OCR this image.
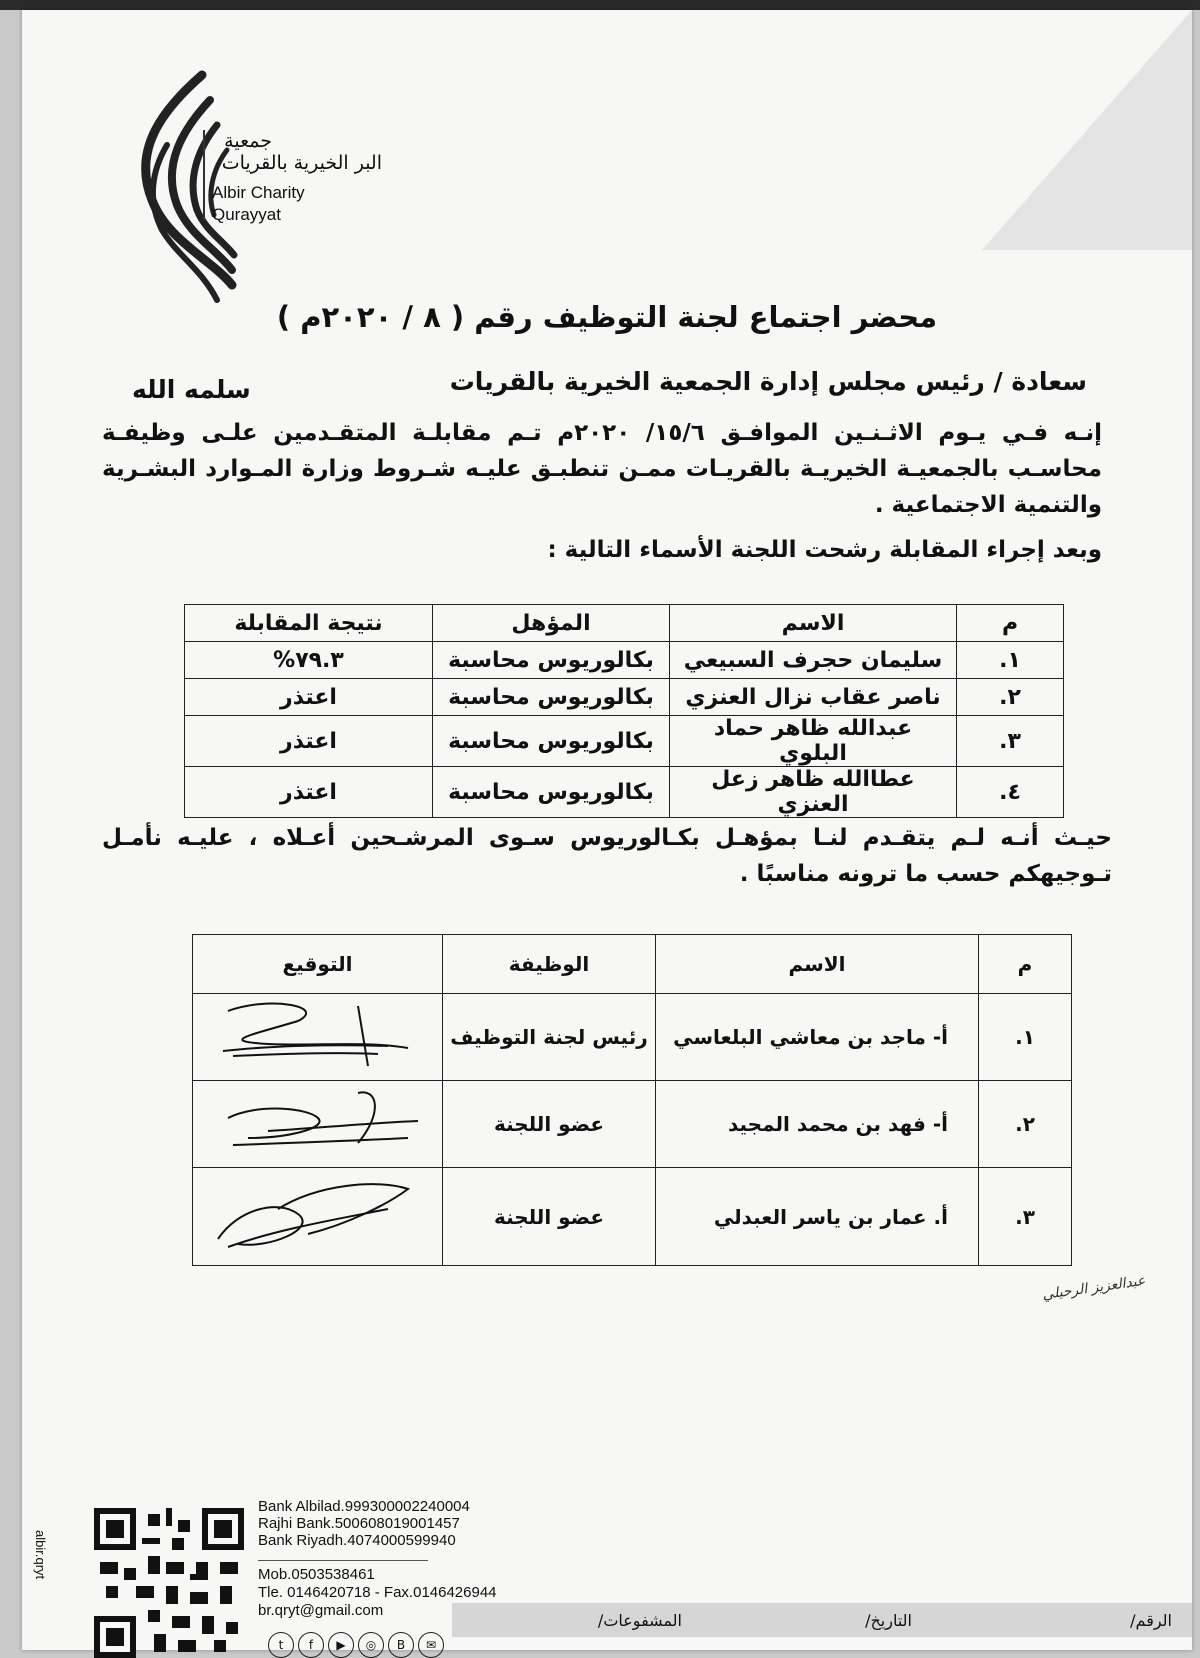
جمعية
البر الخيرية بالقريات
Albir Charity
Qurayyat
محضر اجتماع لجنة التوظيف رقم ( ٨ / ٢٠٢٠م )
سعادة / رئيس مجلس إدارة الجمعية الخيرية بالقريات
سلمه الله
إنـه فـي يـوم الاثـنـين الموافـق ١٥/٦/ ٢٠٢٠م تـم مقابلـة المتقـدمين علـى وظيفـة محاسـب بالجمعيـة الخيريـة بالقريـات ممـن تنطبـق عليـه شـروط وزارة المـوارد البشـرية والتنمية الاجتماعية .
وبعد إجراء المقابلة رشحت اللجنة الأسماء التالية :
م	الاسم	المؤهل	نتيجة المقابلة
١.	سليمان حجرف السبيعي	بكالوريوس محاسبة	٧٩.٣%
٢.	ناصر عقاب نزال العنزي	بكالوريوس محاسبة	اعتذر
٣.	عبدالله ظاهر حماد البلوي	بكالوريوس محاسبة	اعتذر
٤.	عطاالله ظاهر زعل العنزي	بكالوريوس محاسبة	اعتذر
حيـث أنـه لـم يتقـدم لنـا بمؤهـل بكـالوريوس سـوى المرشـحين أعـلاه ، عليـه نأمـل تـوجيهكم حسب ما ترونه مناسبًا .
م	الاسم	الوظيفة	التوقيع
١.	أ- ماجد بن معاشي البلعاسي	رئيس لجنة التوظيف	
٢.	أ- فهد بن محمد المجيد	عضو اللجنة	
٣.	أ. عمار بن ياسر العبدلي	عضو اللجنة	
عبدالعزيز الرحيلي
Bank Albilad.999300002240004
Rajhi Bank.500608019001457
Bank Riyadh.4074000599940
Mob.0503538461
Tle. 0146420718 - Fax.0146426944
br.qryt@gmail.com
t	f	▶	◎	B	✉
الرقم/
التاريخ/
المشفوعات/
albir.qryt
